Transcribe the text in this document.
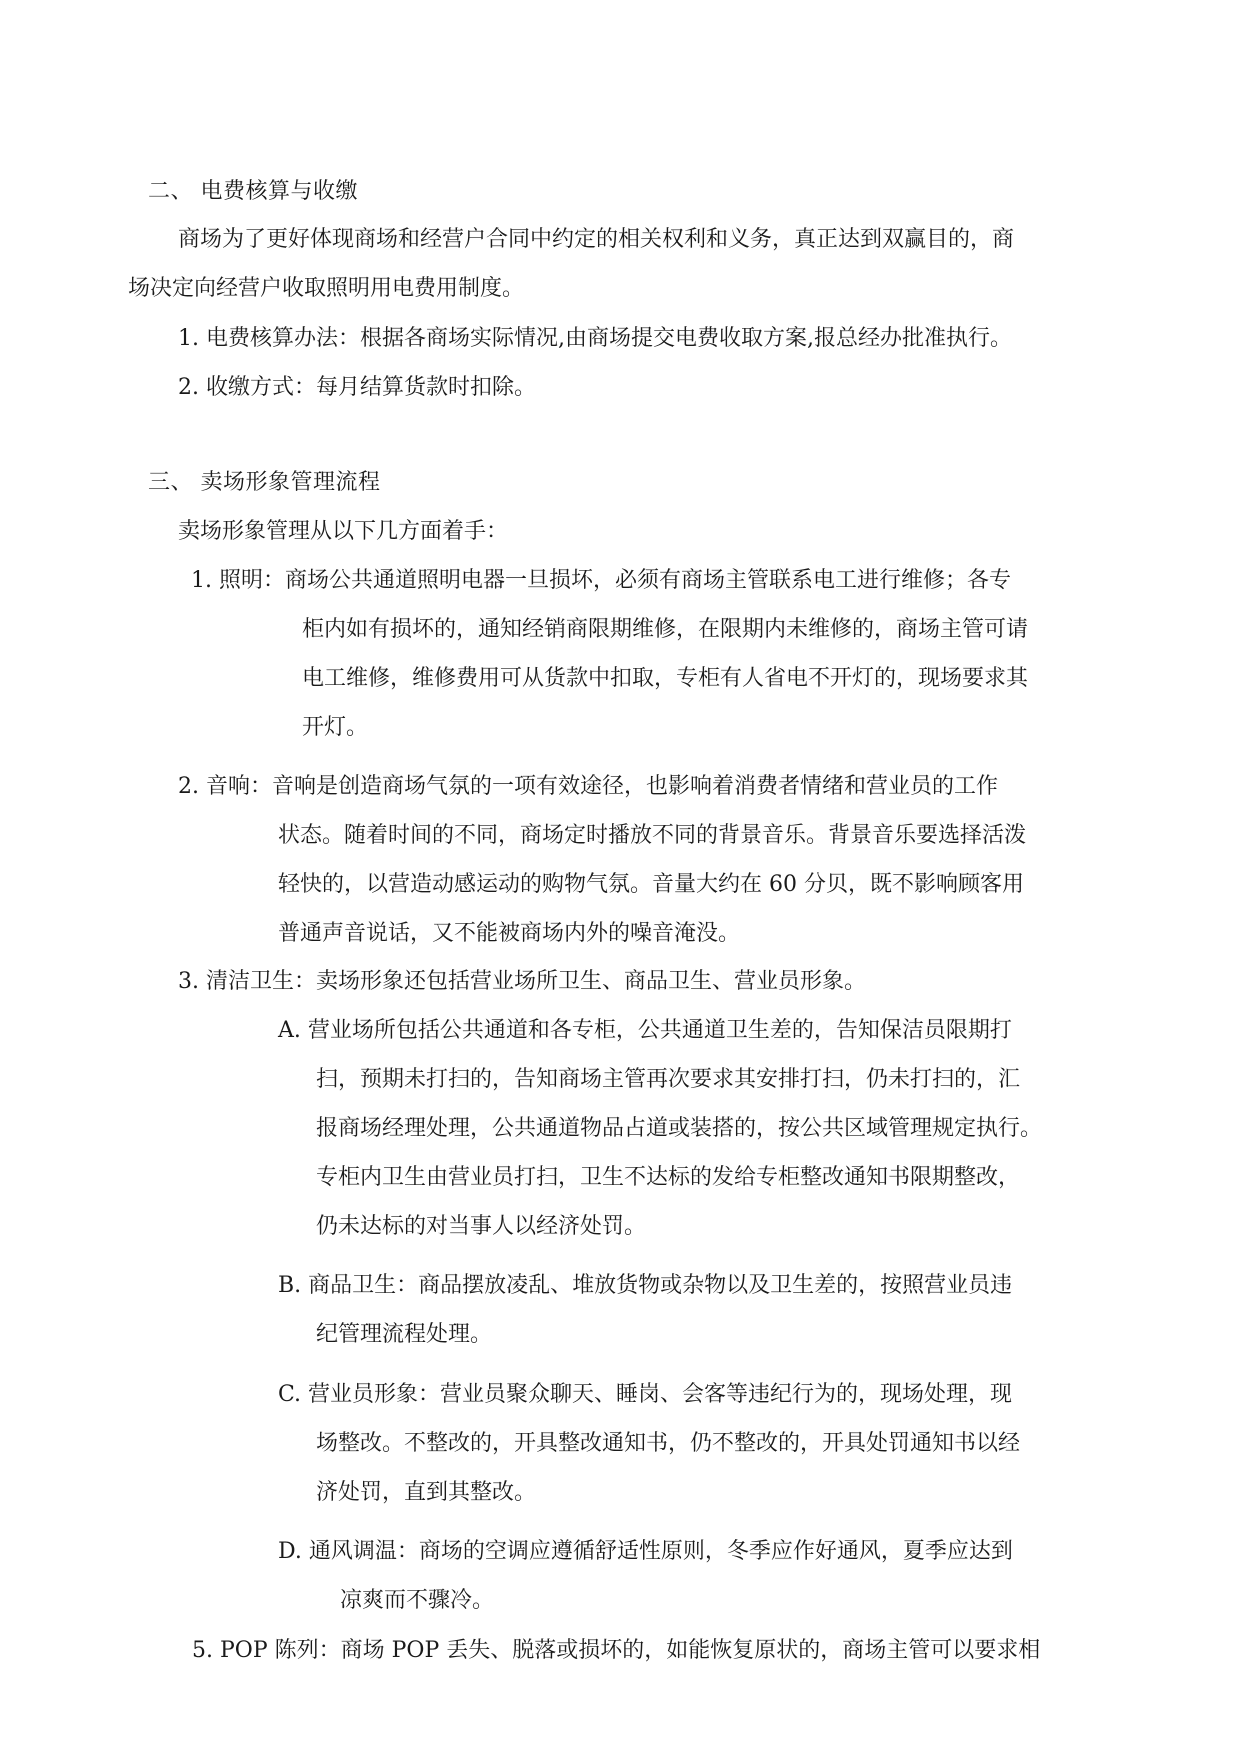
二、 电费核算与收缴
商场为了更好体现商场和经营户合同中约定的相关权利和义务，真正达到双赢目的，商
场决定向经营户收取照明用电费用制度。
1. 电费核算办法：根据各商场实际情况,由商场提交电费收取方案,报总经办批准执行。
2. 收缴方式：每月结算货款时扣除。
三、 卖场形象管理流程
卖场形象管理从以下几方面着手：
1. 照明：商场公共通道照明电器一旦损坏，必须有商场主管联系电工进行维修；各专
柜内如有损坏的，通知经销商限期维修，在限期内未维修的，商场主管可请
电工维修，维修费用可从货款中扣取，专柜有人省电不开灯的，现场要求其
开灯。
2. 音响：音响是创造商场气氛的一项有效途径，也影响着消费者情绪和营业员的工作
状态。随着时间的不同，商场定时播放不同的背景音乐。背景音乐要选择活泼
轻快的，以营造动感运动的购物气氛。音量大约在 60 分贝，既不影响顾客用
普通声音说话，又不能被商场内外的噪音淹没。
3. 清洁卫生：卖场形象还包括营业场所卫生、商品卫生、营业员形象。
A. 营业场所包括公共通道和各专柜，公共通道卫生差的，告知保洁员限期打
扫，预期未打扫的，告知商场主管再次要求其安排打扫，仍未打扫的，汇
报商场经理处理，公共通道物品占道或装搭的，按公共区域管理规定执行。
专柜内卫生由营业员打扫，卫生不达标的发给专柜整改通知书限期整改，
仍未达标的对当事人以经济处罚。
B. 商品卫生：商品摆放凌乱、堆放货物或杂物以及卫生差的，按照营业员违
纪管理流程处理。
C. 营业员形象：营业员聚众聊天、睡岗、会客等违纪行为的，现场处理，现
场整改。不整改的，开具整改通知书，仍不整改的，开具处罚通知书以经
济处罚，直到其整改。
D. 通风调温：商场的空调应遵循舒适性原则，冬季应作好通风，夏季应达到
凉爽而不骤冷。
5. POP 陈列：商场 POP 丢失、脱落或损坏的，如能恢复原状的，商场主管可以要求相
